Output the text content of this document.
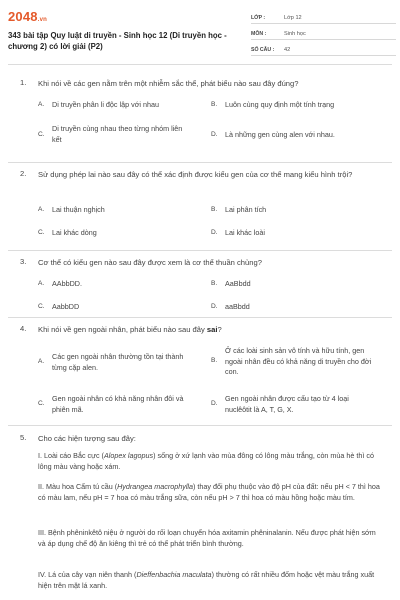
2048.vn
343 bài tập Quy luật di truyền - Sinh học 12 (Di truyền học - chương 2) có lời giải (P2)
LỚP :	Lớp 12
MÔN :	Sinh học
SỐ CÂU :	42
1. Khi nói về các gen nằm trên một nhiễm sắc thể, phát biểu nào sau đây đúng?
A. Di truyền phân li độc lập với nhau	B. Luôn cùng quy định một tính trạng
C.
Di truyền cùng nhau theo từng nhóm liên kết	D. Là những gen cùng alen với nhau.
2. Sử dụng phép lai nào sau đây có thể xác định được kiểu gen của cơ thể mang kiểu hình trội?
A. Lai thuận nghịch	B. Lai phân tích
C. Lai khác dòng	D. Lai khác loài
3. Cơ thể có kiểu gen nào sau đây được xem là cơ thể thuần chủng?
A. AAbbDD.	B. AaBbdd
C. AabbDD	D. aaBbdd
4. Khi nói về gen ngoài nhân, phát biểu nào sau đây sai?
A.
Các gen ngoài nhân thường tồn tại thành từng cặp alen.
B.
Ở các loài sinh sản vô tính và hữu tính, gen ngoài nhân đều có khả năng di truyền cho đời con.
C.
Gen ngoài nhân có khả năng nhân đôi và phiên mã.
D.
Gen ngoài nhân được cấu tạo từ 4 loại nuclêôtit là A, T, G, X.
5. Cho các hiện tượng sau đây:
I. Loài cáo Bắc cực (Alopex lagopus) sống ở xứ lạnh vào mùa đông có lông màu trắng, còn mùa hè thì có lông màu vàng hoặc xám.
II. Màu hoa Cẩm tú cầu (Hydrangea macrophylla) thay đổi phụ thuộc vào độ pH của đất: nếu pH < 7 thì hoa có màu lam, nếu pH = 7 hoa có màu trắng sữa, còn nếu pH > 7 thì hoa có màu hồng hoặc màu tím.
III. Bệnh phêninkêtô niệu ở người do rối loạn chuyển hóa axitamin phêninalanin. Nếu được phát hiện sớm và áp dụng chế độ ăn kiêng thì trẻ có thể phát triển bình thường.
IV. Lá của cây vạn niên thanh (Dieffenbachia maculata) thường có rất nhiều đốm hoặc vệt màu trắng xuất hiện trên mặt lá xanh.
